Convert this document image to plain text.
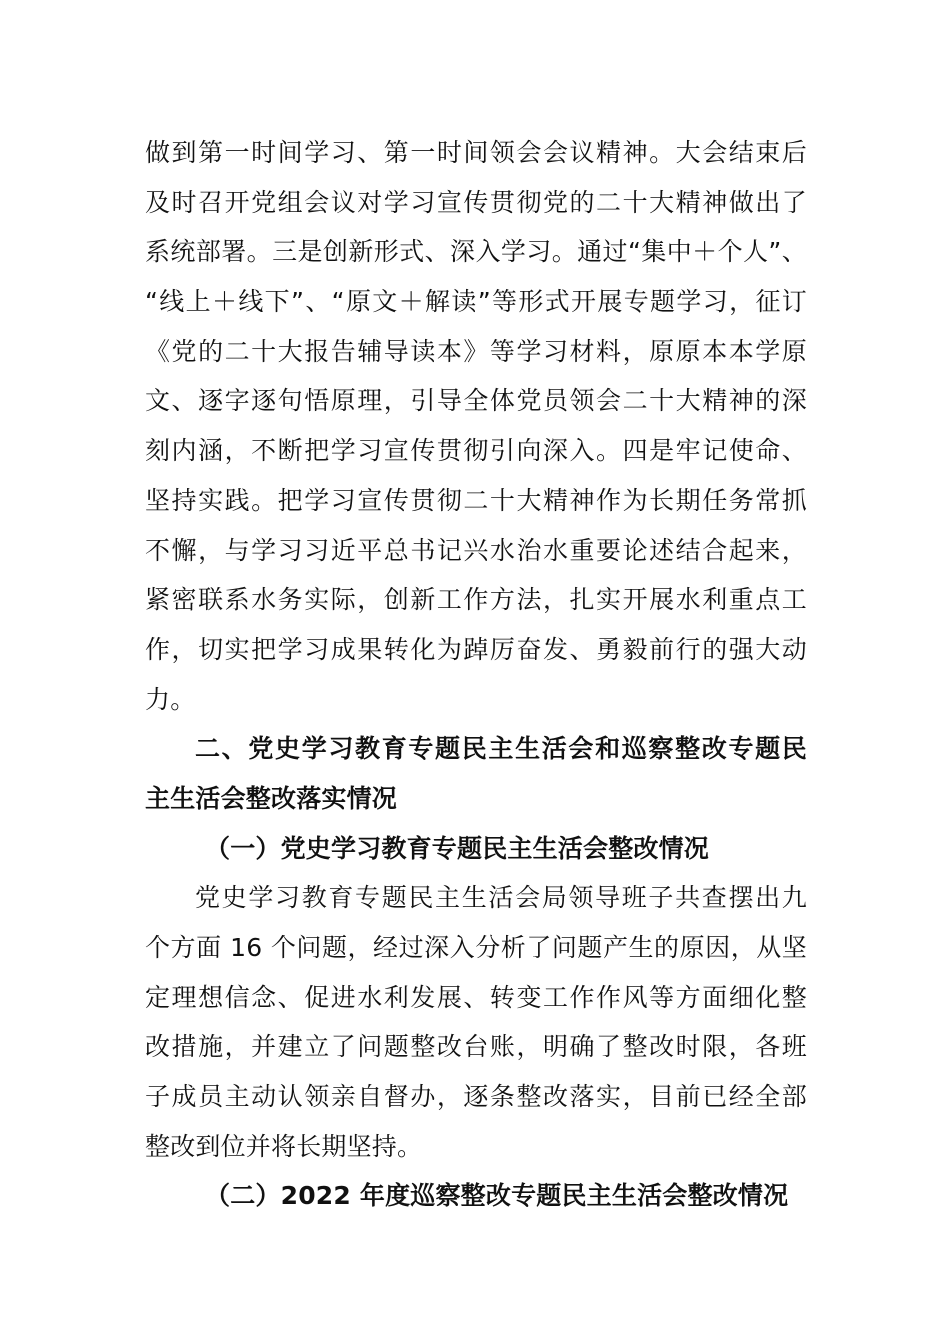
做到第一时间学习、第一时间领会会议精神。大会结束后
及时召开党组会议对学习宣传贯彻党的二十大精神做出了
系统部署。三是创新形式、深入学习。通过“集中＋个人”、
“线上＋线下”、“原文＋解读”等形式开展专题学习，征订
《党的二十大报告辅导读本》等学习材料，原原本本学原
文、逐字逐句悟原理，引导全体党员领会二十大精神的深
刻内涵，不断把学习宣传贯彻引向深入。四是牢记使命、
坚持实践。把学习宣传贯彻二十大精神作为长期任务常抓
不懈，与学习习近平总书记兴水治水重要论述结合起来，
紧密联系水务实际，创新工作方法，扎实开展水利重点工
作，切实把学习成果转化为踔厉奋发、勇毅前行的强大动
力。
二、党史学习教育专题民主生活会和巡察整改专题民
主生活会整改落实情况
（一）党史学习教育专题民主生活会整改情况
党史学习教育专题民主生活会局领导班子共查摆出九
个方面 16 个问题，经过深入分析了问题产生的原因，从坚
定理想信念、促进水利发展、转变工作作风等方面细化整
改措施，并建立了问题整改台账，明确了整改时限，各班
子成员主动认领亲自督办，逐条整改落实，目前已经全部
整改到位并将长期坚持。
（二）2022 年度巡察整改专题民主生活会整改情况
